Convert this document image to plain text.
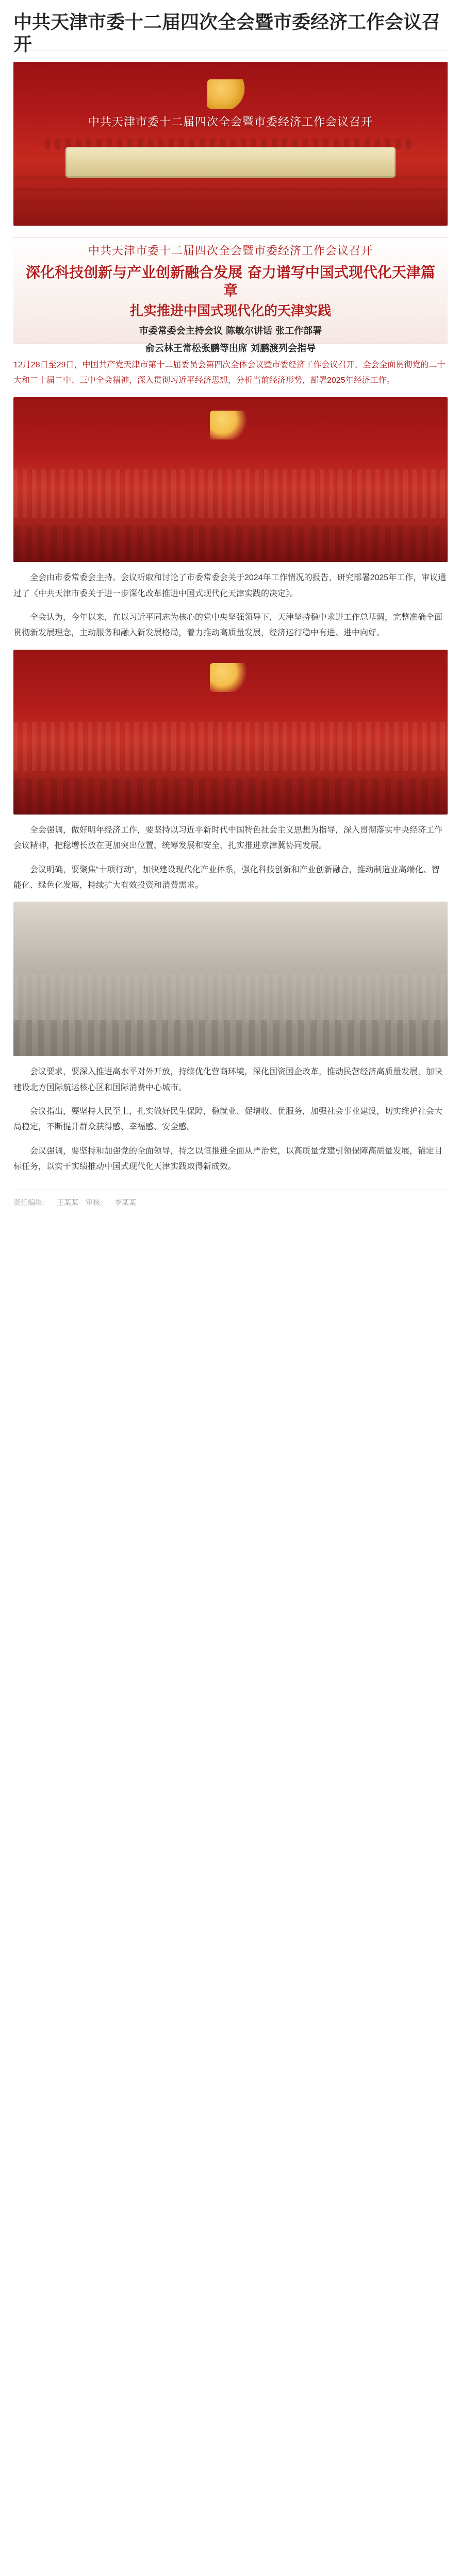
中共天津市委十二届四次全会暨市委经济工作会议召开
中共天津市委十二届四次全会暨市委经济工作会议召开
中共天津市委十二届四次全会暨市委经济工作会议召开
深化科技创新与产业创新融合发展 奋力谱写中国式现代化天津篇章
扎实推进中国式现代化的天津实践
市委常委会主持会议 陈敏尔讲话 张工作部署
俞云林王常松张鹏等出席 刘鹏渡列会指导

12月28日至29日，中国共产党天津市第十二届委员会第四次全体会议暨市委经济工作会议召开。全会全面贯彻党的二十大和二十届二中、三中全会精神，深入贯彻习近平经济思想，分析当前经济形势，部署2025年经济工作。

全会由市委常委会主持。会议听取和讨论了市委常委会关于2024年工作情况的报告，研究部署2025年工作，审议通过了《中共天津市委关于进一步深化改革推进中国式现代化天津实践的决定》。

全会认为，今年以来，在以习近平同志为核心的党中央坚强领导下，天津坚持稳中求进工作总基调，完整准确全面贯彻新发展理念，主动服务和融入新发展格局，着力推动高质量发展，经济运行稳中有进、进中向好。

全会强调，做好明年经济工作，要坚持以习近平新时代中国特色社会主义思想为指导，深入贯彻落实中央经济工作会议精神，把稳增长放在更加突出位置，统筹发展和安全，扎实推进京津冀协同发展。

会议明确，要聚焦“十项行动”，加快建设现代化产业体系，强化科技创新和产业创新融合，推动制造业高端化、智能化、绿色化发展，持续扩大有效投资和消费需求。

会议要求，要深入推进高水平对外开放，持续优化营商环境，深化国资国企改革，推动民营经济高质量发展，加快建设北方国际航运核心区和国际消费中心城市。

会议指出，要坚持人民至上，扎实做好民生保障，稳就业、促增收、优服务，加强社会事业建设，切实维护社会大局稳定，不断提升群众获得感、幸福感、安全感。

会议强调，要坚持和加强党的全面领导，持之以恒推进全面从严治党，以高质量党建引领保障高质量发展，锚定目标任务，以实干实绩推动中国式现代化天津实践取得新成效。

责任编辑： 王某某 审核： 李某某
